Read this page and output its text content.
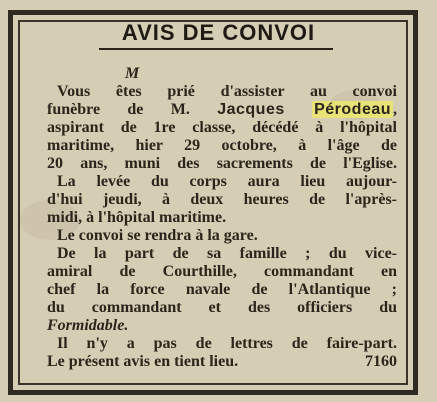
AVIS DE CONVOI
M
Vous êtes prié d'assister au convoi
funèbre de M. Jacques Pérodeau ,
aspirant de 1re classe, décédé à l'hôpital
maritime, hier 29 octobre, à l'âge de
20 ans, muni des sacrements de l'Eglise.
La levée du corps aura lieu aujour-
d'hui jeudi, à deux heures de l'après-
midi, à l'hôpital maritime.
Le convoi se rendra à la gare.
De la part de sa famille ; du vice-
amiral de Courthille, commandant en
chef la force navale de l'Atlantique ;
du commandant et des officiers du
Formidable.
Il n'y a pas de lettres de faire-part.
Le présent avis en tient lieu.	7160
